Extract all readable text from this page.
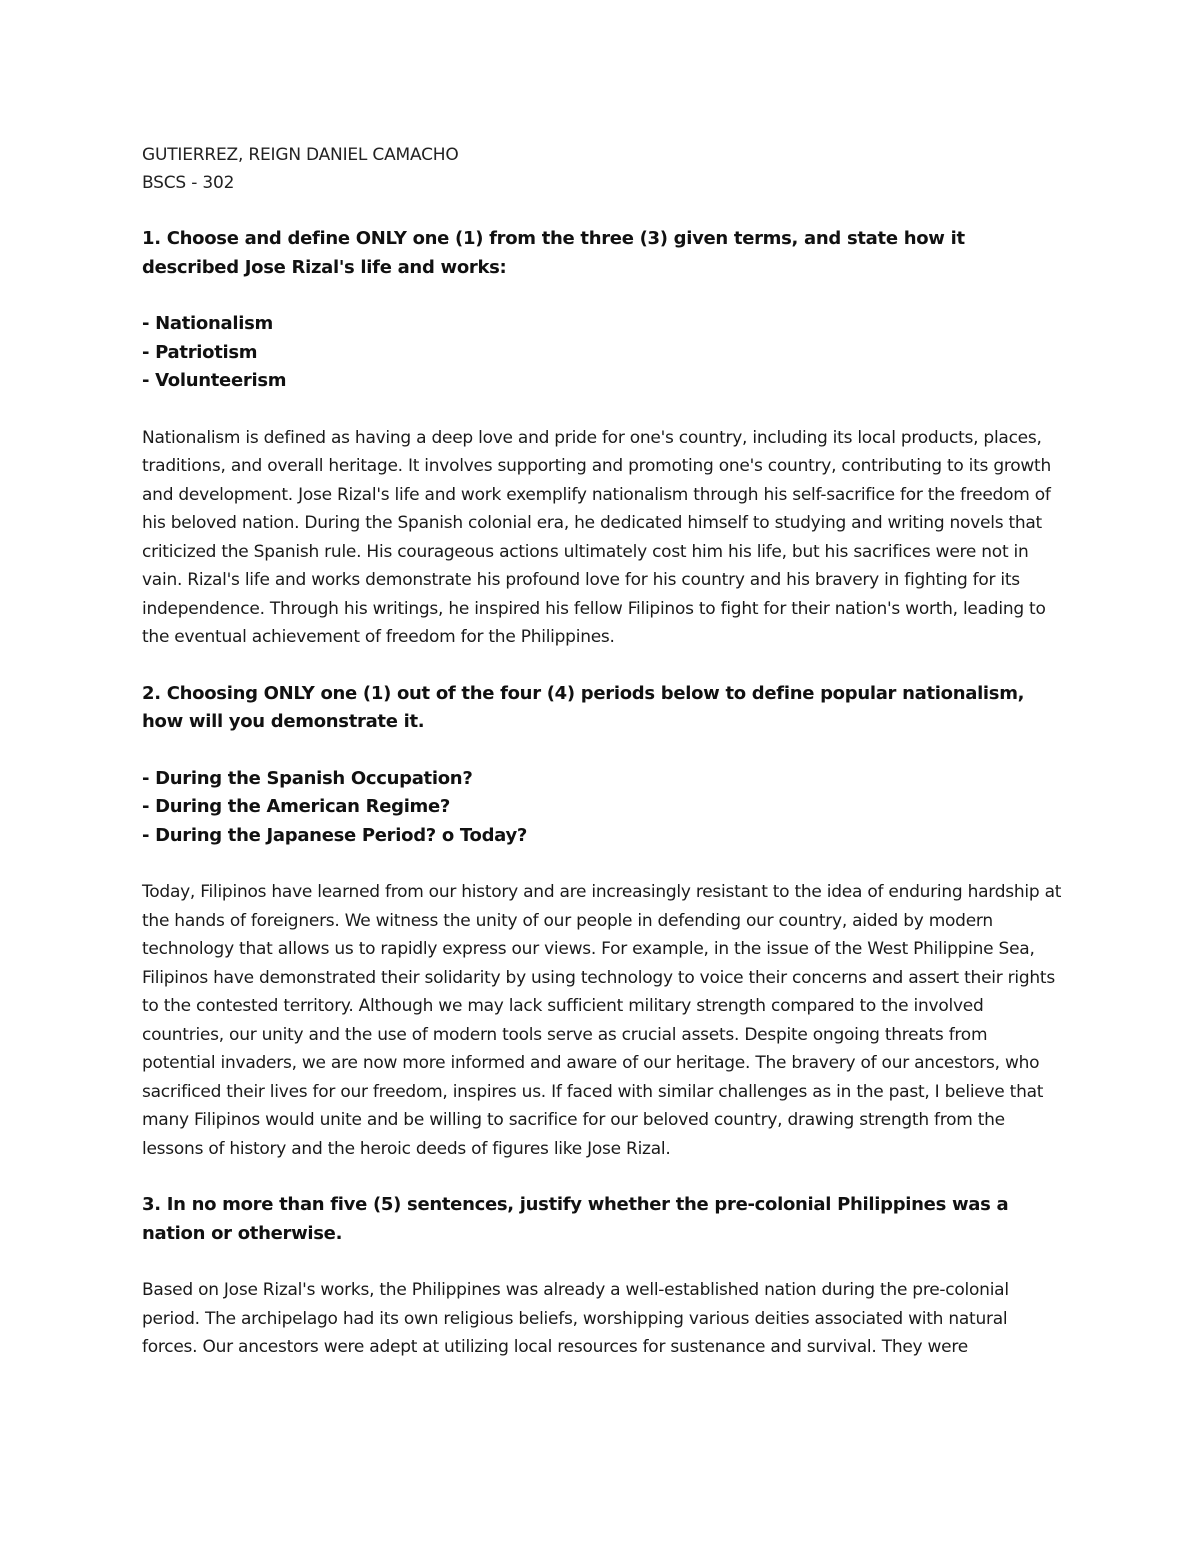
GUTIERREZ, REIGN DANIEL CAMACHO
BSCS - 302

1. Choose and define ONLY one (1) from the three (3) given terms, and state how it described Jose Rizal's life and works:

- Nationalism
- Patriotism
- Volunteerism

Nationalism is defined as having a deep love and pride for one's country, including its local products, places, traditions, and overall heritage. It involves supporting and promoting one's country, contributing to its growth and development. Jose Rizal's life and work exemplify nationalism through his self-sacrifice for the freedom of his beloved nation. During the Spanish colonial era, he dedicated himself to studying and writing novels that criticized the Spanish rule. His courageous actions ultimately cost him his life, but his sacrifices were not in vain. Rizal's life and works demonstrate his profound love for his country and his bravery in fighting for its independence. Through his writings, he inspired his fellow Filipinos to fight for their nation's worth, leading to the eventual achievement of freedom for the Philippines.

2. Choosing ONLY one (1) out of the four (4) periods below to define popular nationalism, how will you demonstrate it.

- During the Spanish Occupation?
- During the American Regime?
- During the Japanese Period? o Today?

Today, Filipinos have learned from our history and are increasingly resistant to the idea of enduring hardship at the hands of foreigners. We witness the unity of our people in defending our country, aided by modern technology that allows us to rapidly express our views. For example, in the issue of the West Philippine Sea, Filipinos have demonstrated their solidarity by using technology to voice their concerns and assert their rights to the contested territory. Although we may lack sufficient military strength compared to the involved countries, our unity and the use of modern tools serve as crucial assets. Despite ongoing threats from potential invaders, we are now more informed and aware of our heritage. The bravery of our ancestors, who sacrificed their lives for our freedom, inspires us. If faced with similar challenges as in the past, I believe that many Filipinos would unite and be willing to sacrifice for our beloved country, drawing strength from the lessons of history and the heroic deeds of figures like Jose Rizal.

3. In no more than five (5) sentences, justify whether the pre-colonial Philippines was a nation or otherwise.

Based on Jose Rizal's works, the Philippines was already a well-established nation during the pre-colonial period. The archipelago had its own religious beliefs, worshipping various deities associated with natural forces. Our ancestors were adept at utilizing local resources for sustenance and survival. They were
